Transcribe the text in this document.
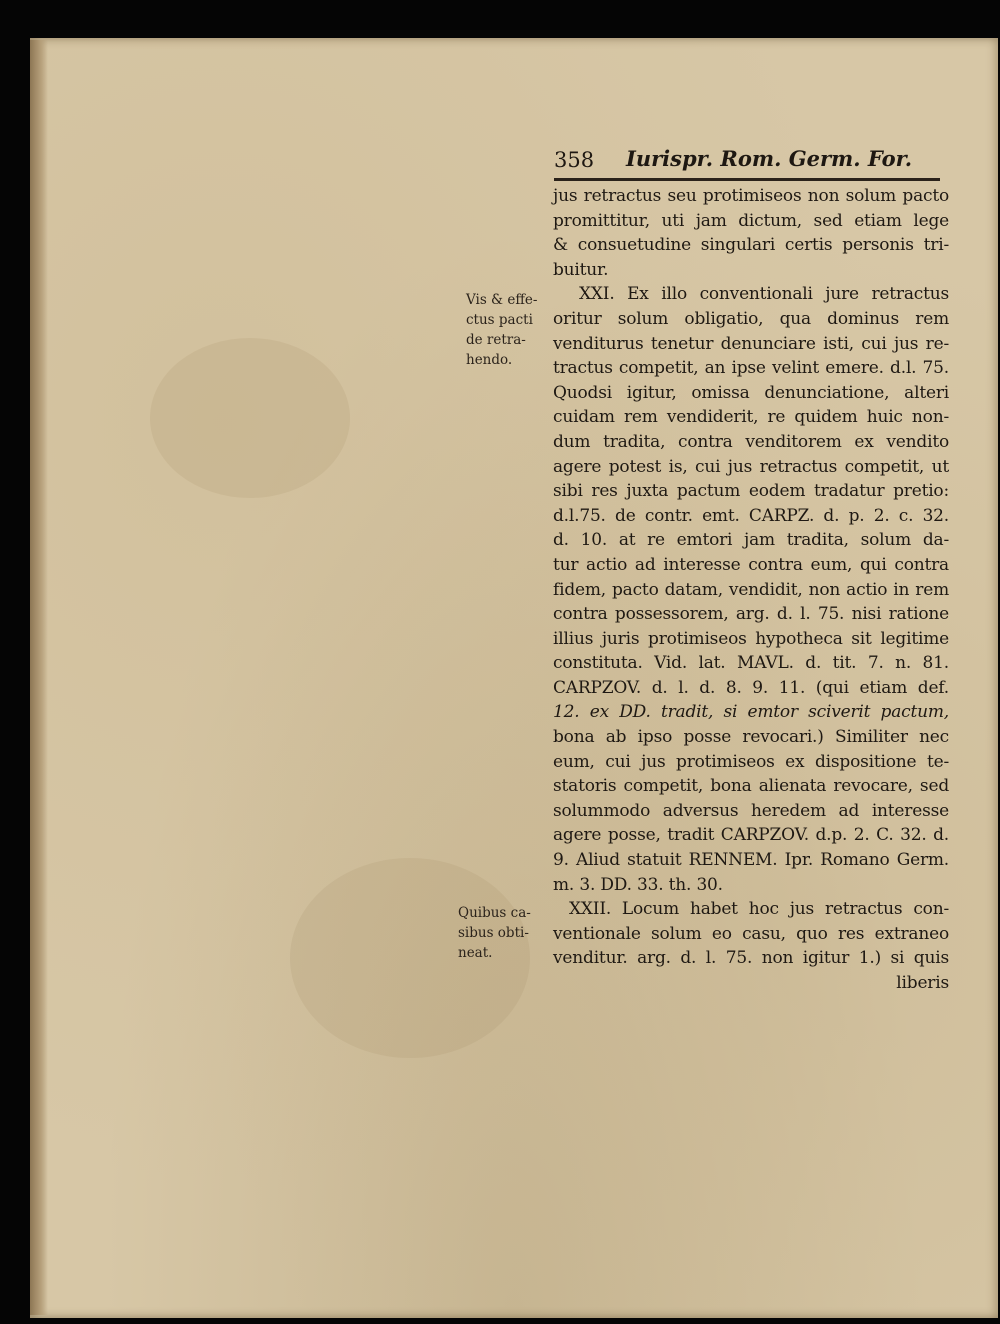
358 Iurispr. Rom. Germ. For.
Vis & effe-
ctus pacti
de retra-
hendo.
Quibus ca-
sibus obti-
neat.
jus retractus seu protimiseos non solum pacto
promittitur, uti jam dictum, sed etiam lege
& consuetudine singulari certis personis tri-
buitur.
XXI. Ex illo conventionali jure retractus
oritur solum obligatio, qua dominus rem
venditurus tenetur denunciare isti, cui jus re-
tractus competit, an ipse velint emere. d.l. 75.
Quodsi igitur, omissa denunciatione, alteri
cuidam rem vendiderit, re quidem huic non-
dum tradita, contra venditorem ex vendito
agere potest is, cui jus retractus competit, ut
sibi res juxta pactum eodem tradatur pretio:
d.l.75. de contr. emt. CARPZ. d. p. 2. c. 32.
d. 10. at re emtori jam tradita, solum da-
tur actio ad interesse contra eum, qui contra
fidem, pacto datam, vendidit, non actio in rem
contra possessorem, arg. d. l. 75. nisi ratione
illius juris protimiseos hypotheca sit legitime
constituta. Vid. lat. MAVL. d. tit. 7. n. 81.
CARPZOV. d. l. d. 8. 9. 11. (qui etiam def.
12. ex DD. tradit, si emtor sciverit pactum,
bona ab ipso posse revocari.) Similiter nec
eum, cui jus protimiseos ex dispositione te-
statoris competit, bona alienata revocare, sed
solummodo adversus heredem ad interesse
agere posse, tradit CARPZOV. d.p. 2. C. 32. d.
9. Aliud statuit RENNEM. Ipr. Romano Germ.
m. 3. DD. 33. th. 30.
XXII. Locum habet hoc jus retractus con-
ventionale solum eo casu, quo res extraneo
venditur. arg. d. l. 75. non igitur 1.) si quis
liberis
